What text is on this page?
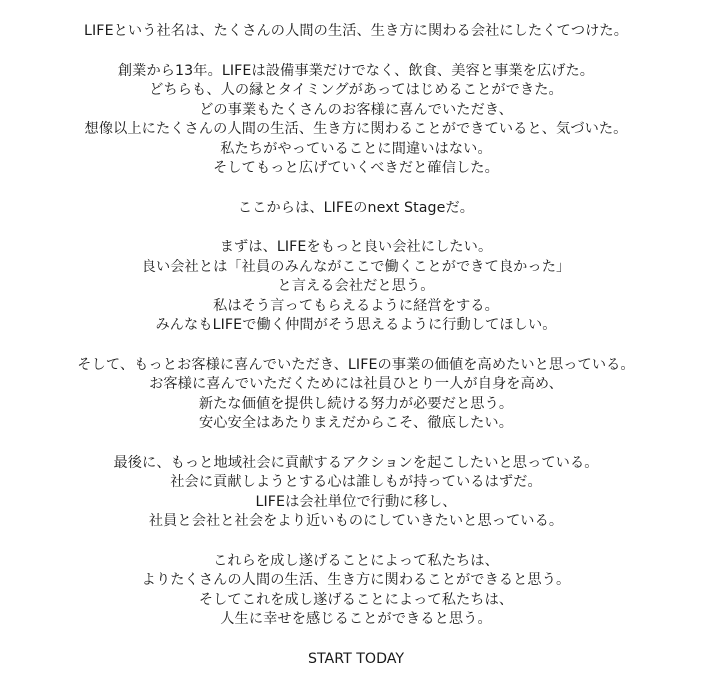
LIFEという社名は、たくさんの人間の生活、生き方に関わる会社にしたくてつけた。
創業から13年。LIFEは設備事業だけでなく、飲食、美容と事業を広げた。
どちらも、人の縁とタイミングがあってはじめることができた。
どの事業もたくさんのお客様に喜んでいただき、
想像以上にたくさんの人間の生活、生き方に関わることができていると、気づいた。
私たちがやっていることに間違いはない。
そしてもっと広げていくべきだと確信した。
ここからは、LIFEのnext Stageだ。
まずは、LIFEをもっと良い会社にしたい。
良い会社とは「社員のみんながここで働くことができて良かった」
と言える会社だと思う。
私はそう言ってもらえるように経営をする。
みんなもLIFEで働く仲間がそう思えるように行動してほしい。
そして、もっとお客様に喜んでいただき、LIFEの事業の価値を高めたいと思っている。
お客様に喜んでいただくためには社員ひとり一人が自身を高め、
新たな価値を提供し続ける努力が必要だと思う。
安心安全はあたりまえだからこそ、徹底したい。
最後に、もっと地域社会に貢献するアクションを起こしたいと思っている。
社会に貢献しようとする心は誰しもが持っているはずだ。
LIFEは会社単位で行動に移し、
社員と会社と社会をより近いものにしていきたいと思っている。
これらを成し遂げることによって私たちは、
よりたくさんの人間の生活、生き方に関わることができると思う。
そしてこれを成し遂げることによって私たちは、
人生に幸せを感じることができると思う。
START TODAY
